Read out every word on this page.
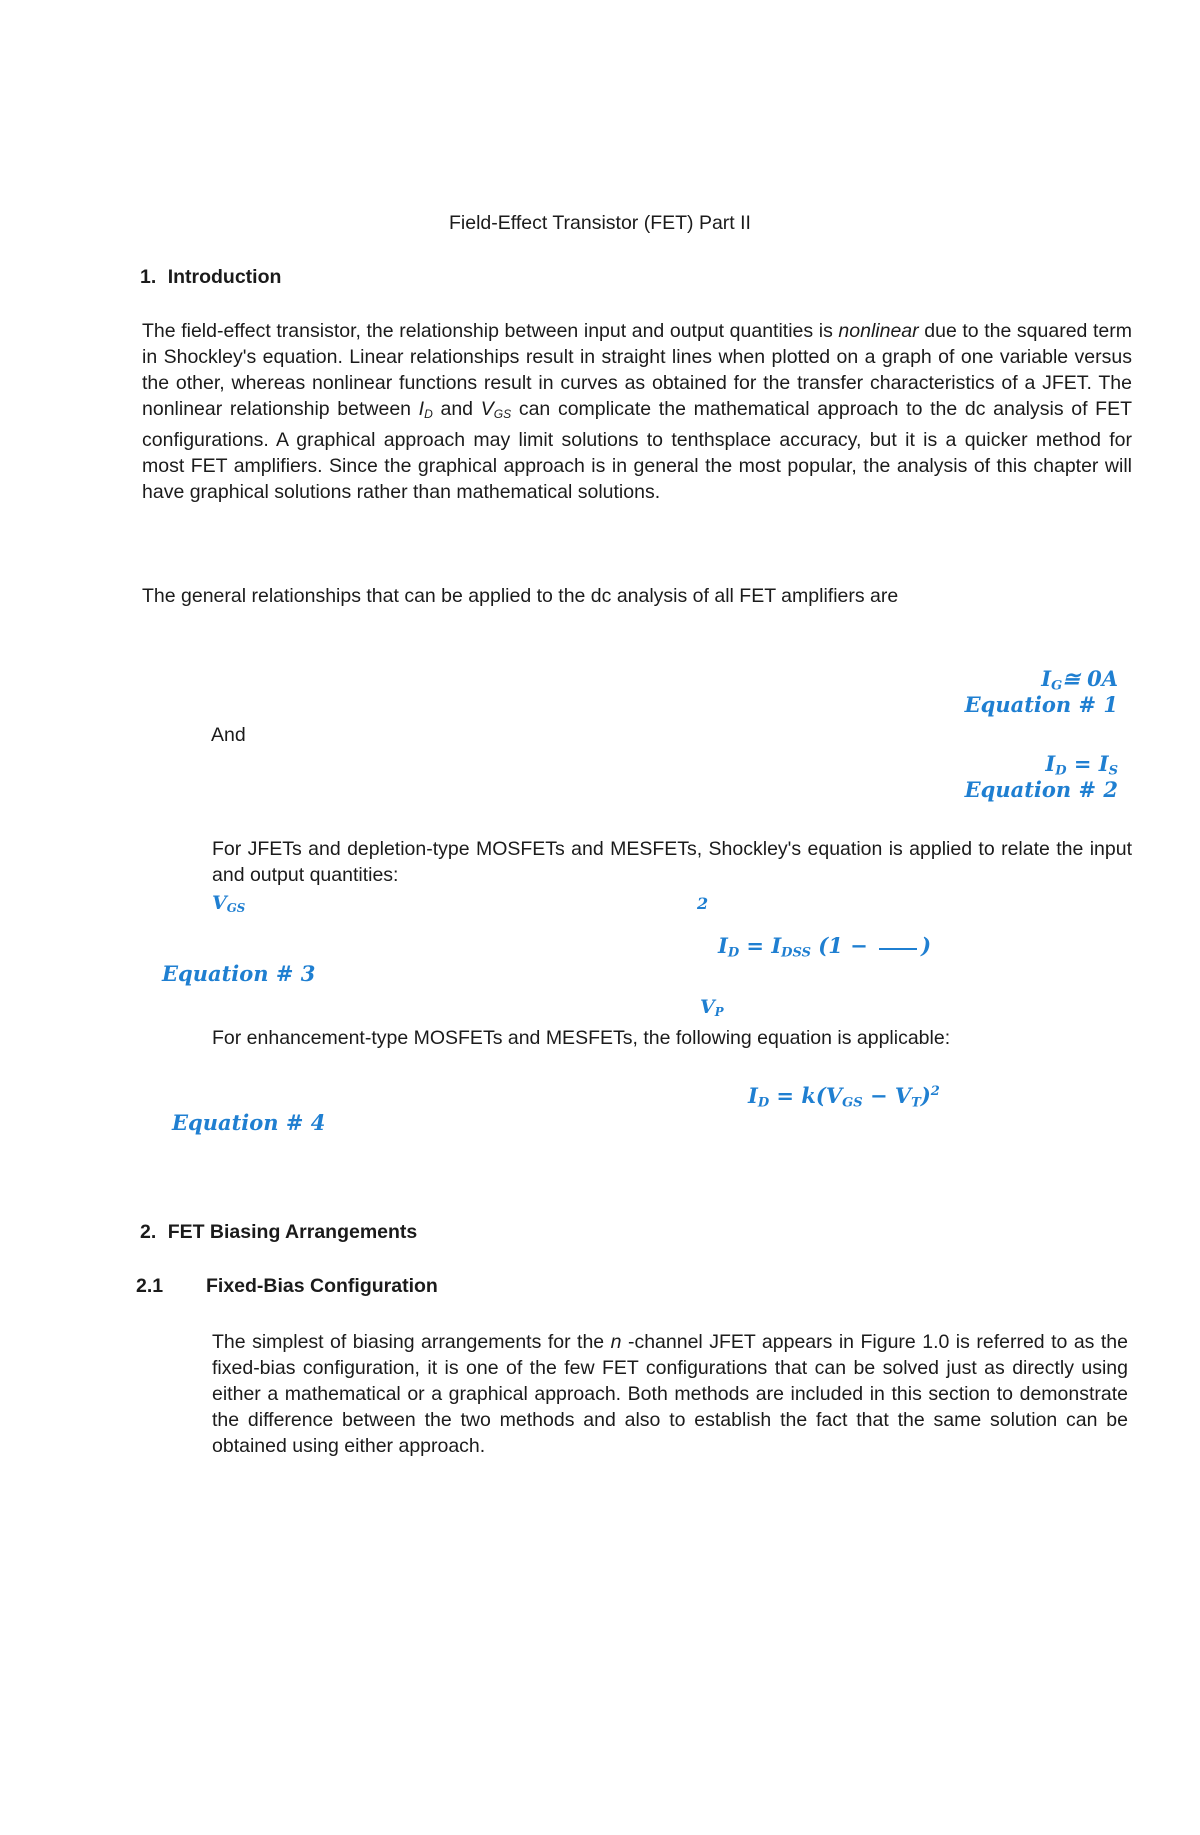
Field-Effect Transistor (FET) Part II
1. Introduction
The field-effect transistor, the relationship between input and output quantities is nonlinear due to the squared term in Shockley's equation. Linear relationships result in straight lines when plotted on a graph of one variable versus the other, whereas nonlinear functions result in curves as obtained for the transfer characteristics of a JFET. The nonlinear relationship between $I_D$ and $V_{GS}$ can complicate the mathematical approach to the dc analysis of FET configurations. A graphical approach may limit solutions to tenthsplace accuracy, but it is a quicker method for most FET amplifiers. Since the graphical approach is in general the most popular, the analysis of this chapter will have graphical solutions rather than mathematical solutions.
The general relationships that can be applied to the dc analysis of all FET amplifiers are
$I_G≅$ 0A
Equation # 1
And
$I_D = I_S$
Equation # 2
For JFETs and depletion-type MOSFETs and MESFETs, Shockley's equation is applied to relate the input and output quantities:
$V_{GS}$	2
$I_D = I_{DSS}$ (1 − )
Equation # 3
$V_P$
For enhancement-type MOSFETs and MESFETs, the following equation is applicable:
$I_D = k(V_{GS} - V_T)^2$
Equation # 4
2. FET Biasing Arrangements
2.1 Fixed-Bias Configuration
The simplest of biasing arrangements for the n -channel JFET appears in Figure 1.0 is referred to as the fixed-bias configuration, it is one of the few FET configurations that can be solved just as directly using either a mathematical or a graphical approach. Both methods are included in this section to demonstrate the difference between the two methods and also to establish the fact that the same solution can be obtained using either approach.
